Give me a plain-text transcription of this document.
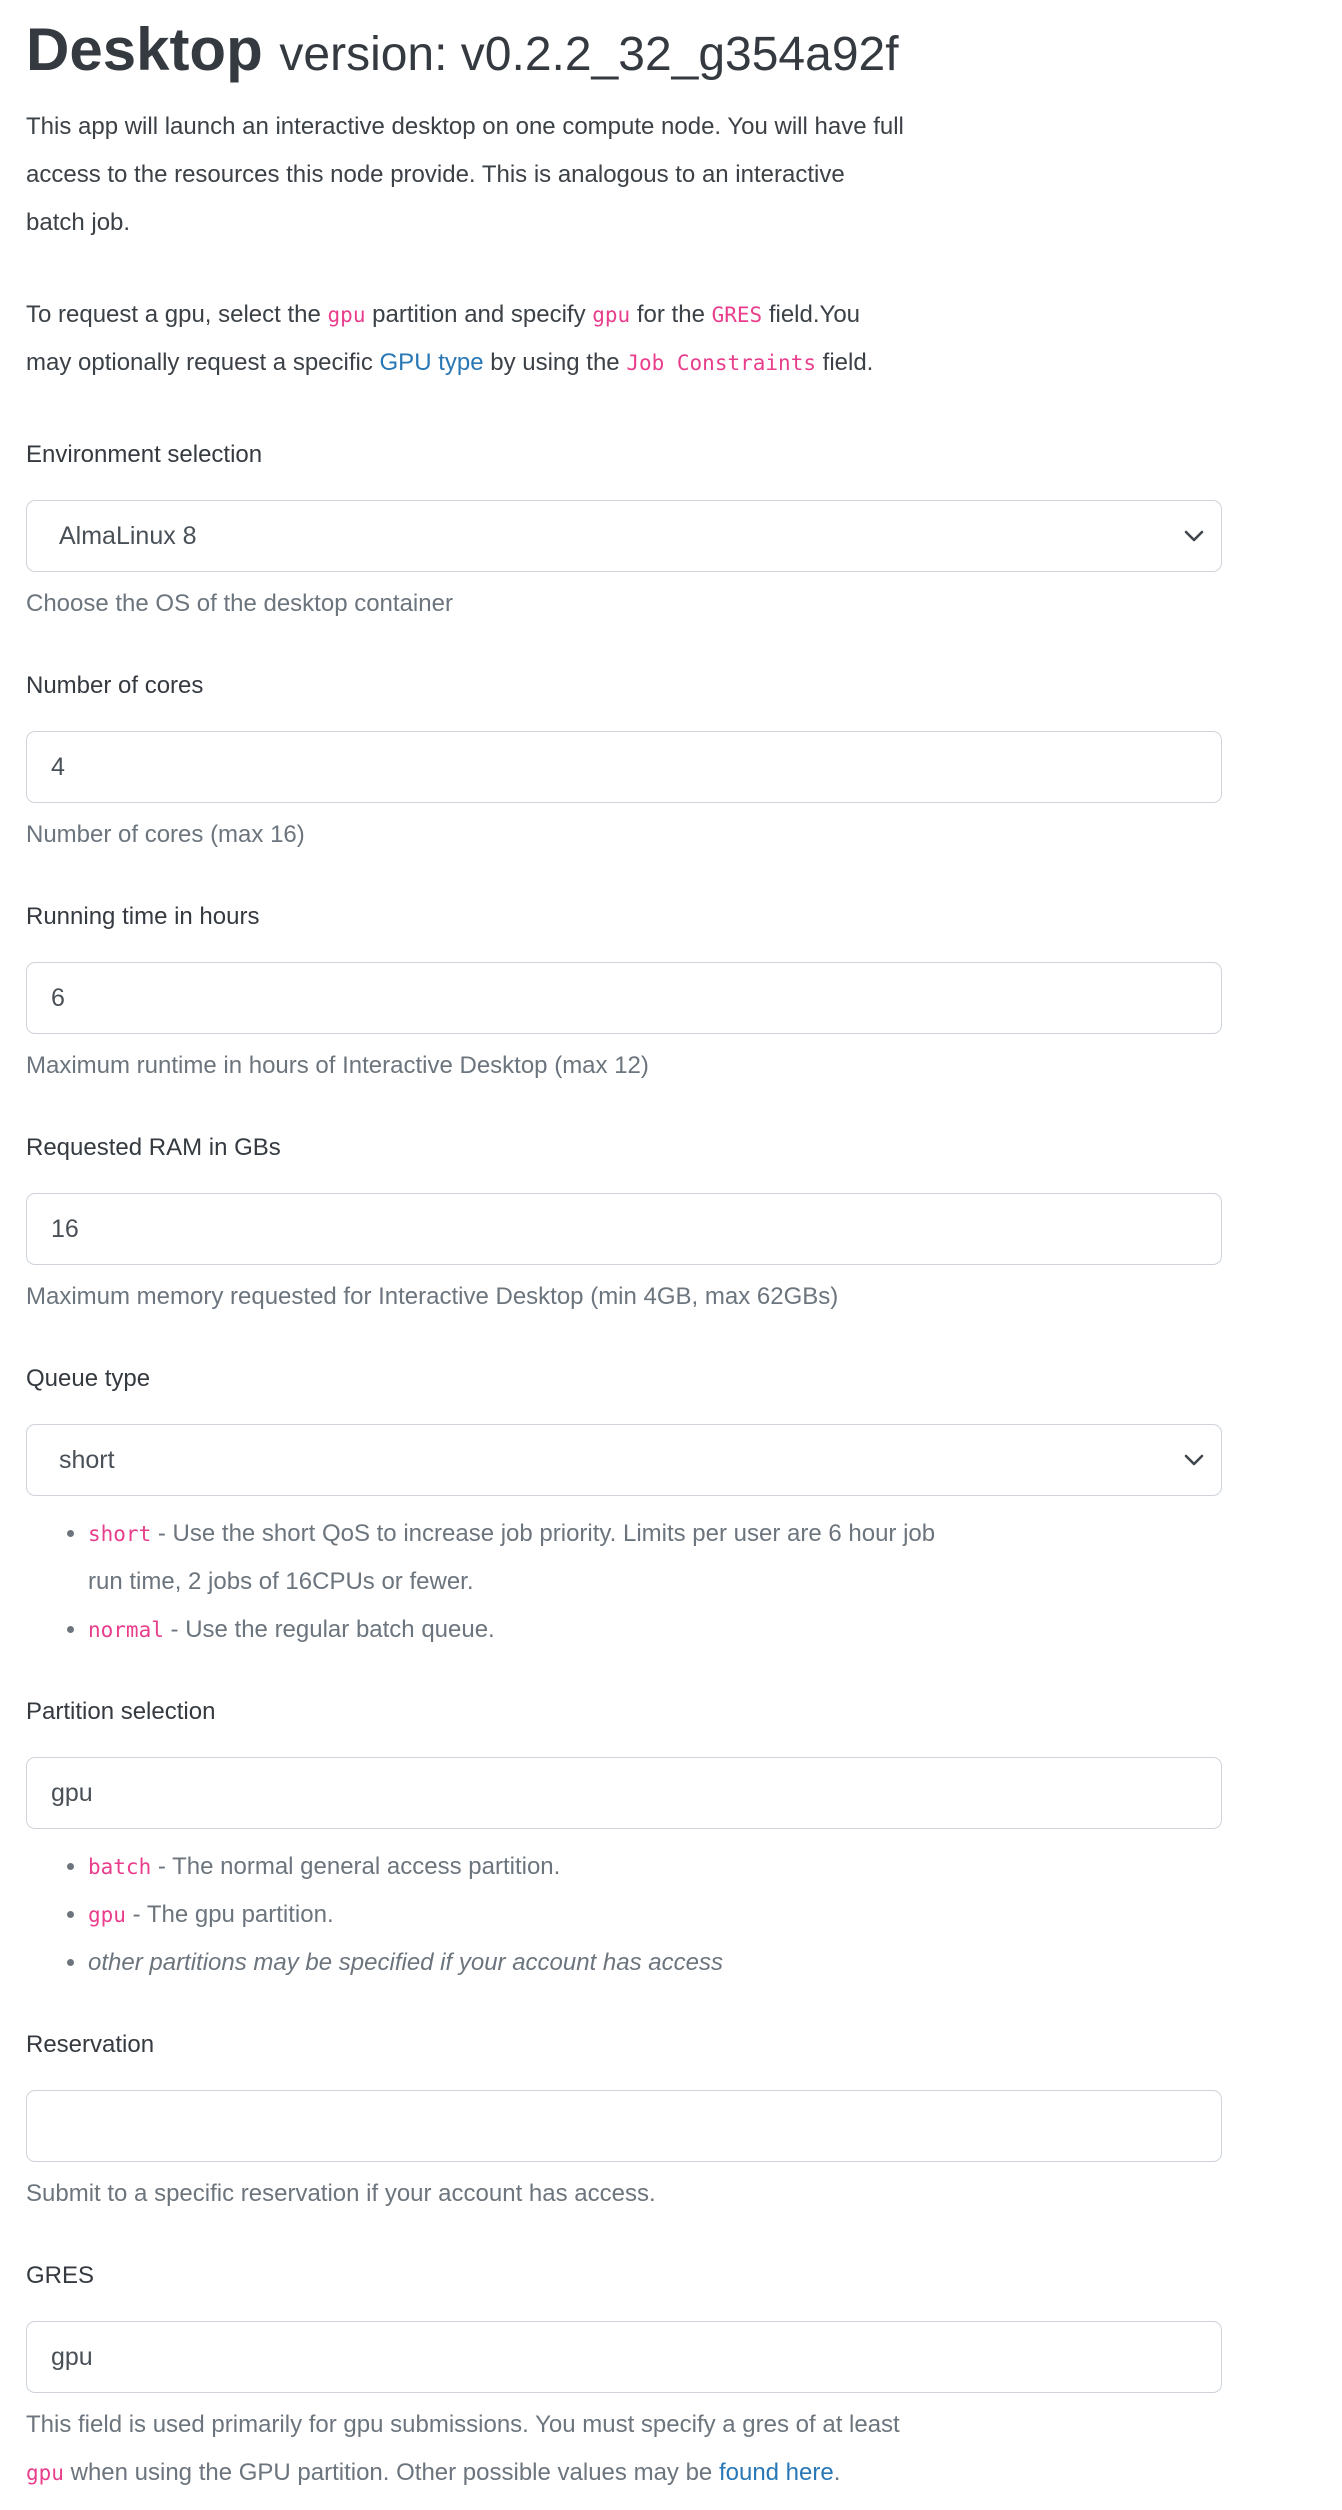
Desktop version: v0.2.2_32_g354a92f

This app will launch an interactive desktop on one compute node. You will have full
access to the resources this node provide. This is analogous to an interactive
batch job.

To request a gpu, select the gpu partition and specify gpu for the GRES field.You
may optionally request a specific GPU type by using the Job Constraints field.

Environment selection
AlmaLinux 8
Choose the OS of the desktop container
Number of cores
4
Number of cores (max 16)
Running time in hours
6
Maximum runtime in hours of Interactive Desktop (max 12)
Requested RAM in GBs
16
Maximum memory requested for Interactive Desktop (min 4GB, max 62GBs)
Queue type
short
• short - Use the short QoS to increase job priority. Limits per user are 6 hour job
run time, 2 jobs of 16CPUs or fewer.
• normal - Use the regular batch queue.
Partition selection
gpu
• batch - The normal general access partition.
• gpu - The gpu partition.
• other partitions may be specified if your account has access
Reservation
Submit to a specific reservation if your account has access.
GRES
gpu
This field is used primarily for gpu submissions. You must specify a gres of at least
gpu when using the GPU partition. Other possible values may be found here.
